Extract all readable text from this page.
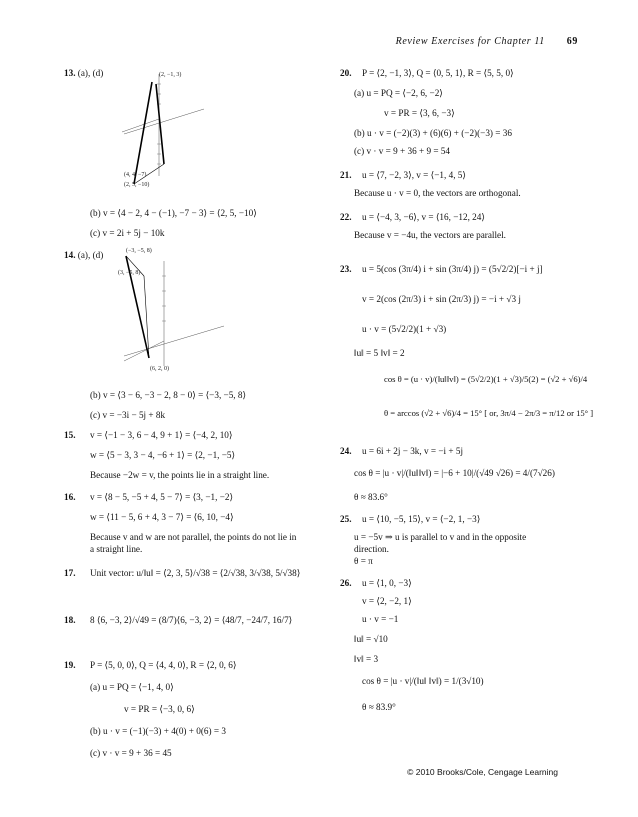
Review Exercises for Chapter 11 69
13. (a), (d)	(2, −1, 3)
(4, 4, −7)
(2, 5, −10)
(b) v = ⟨4 − 2, 4 − (−1), −7 − 3⟩ = ⟨2, 5, −10⟩
(c) v = 2i + 5j − 10k
14. (a), (d)	(−3, −5, 8)
(3, −5, 8)
(6, 2, 0)
(b) v = ⟨3 − 6, −3 − 2, 8 − 0⟩ = ⟨−3, −5, 8⟩
(c) v = −3i − 5j + 8k
15. v = ⟨−1 − 3, 6 − 4, 9 + 1⟩ = ⟨−4, 2, 10⟩
w = ⟨5 − 3, 3 − 4, −6 + 1⟩ = ⟨2, −1, −5⟩
Because −2w = v, the points lie in a straight line.
16. v = ⟨8 − 5, −5 + 4, 5 − 7⟩ = ⟨3, −1, −2⟩
w = ⟨11 − 5, 6 + 4, 3 − 7⟩ = ⟨6, 10, −4⟩
Because v and w are not parallel, the points do not lie in
a straight line.
17. Unit vector: u/‖u‖ = ⟨2, 3, 5⟩/√38 = ⟨2/√38, 3/√38, 5/√38⟩
18. 8 ⟨6, −3, 2⟩/√49 = (8/7)⟨6, −3, 2⟩ = ⟨48/7, −24/7, 16/7⟩
19. P = ⟨5, 0, 0⟩, Q = ⟨4, 4, 0⟩, R = ⟨2, 0, 6⟩
(a) u = PQ = ⟨−1, 4, 0⟩
v = PR = ⟨−3, 0, 6⟩
(b) u · v = (−1)(−3) + 4(0) + 0(6) = 3
(c) v · v = 9 + 36 = 45
20. P = ⟨2, −1, 3⟩, Q = ⟨0, 5, 1⟩, R = ⟨5, 5, 0⟩
(a) u = PQ = ⟨−2, 6, −2⟩
v = PR = ⟨3, 6, −3⟩
(b) u · v = (−2)(3) + (6)(6) + (−2)(−3) = 36
(c) v · v = 9 + 36 + 9 = 54
21. u = ⟨7, −2, 3⟩, v = ⟨−1, 4, 5⟩
Because u · v = 0, the vectors are orthogonal.
22. u = ⟨−4, 3, −6⟩, v = ⟨16, −12, 24⟩
Because v = −4u, the vectors are parallel.
23. u = 5(cos (3π/4) i + sin (3π/4) j) = (5√2/2)[−i + j]
v = 2(cos (2π/3) i + sin (2π/3) j) = −i + √3 j
u · v = (5√2/2)(1 + √3)
‖u‖ = 5 ‖v‖ = 2
cos θ = (u · v)/(‖u‖‖v‖) = (5√2/2)(1 + √3)/5(2) = (√2 + √6)/4
θ = arccos (√2 + √6)/4 = 15° [ or, 3π/4 − 2π/3 = π/12 or 15° ]
24. u = 6i + 2j − 3k, v = −i + 5j
cos θ = |u · v|/(‖u‖‖v‖) = |−6 + 10|/(√49 √26) = 4/(7√26)
θ ≈ 83.6°
25. u = ⟨10, −5, 15⟩, v = ⟨−2, 1, −3⟩
u = −5v ⇒ u is parallel to v and in the opposite
direction.
θ = π
26. u = ⟨1, 0, −3⟩
v = ⟨2, −2, 1⟩
u · v = −1
‖u‖ = √10
‖v‖ = 3
cos θ = |u · v|/(‖u‖ ‖v‖) = 1/(3√10)
θ ≈ 83.9°
© 2010 Brooks/Cole, Cengage Learning
